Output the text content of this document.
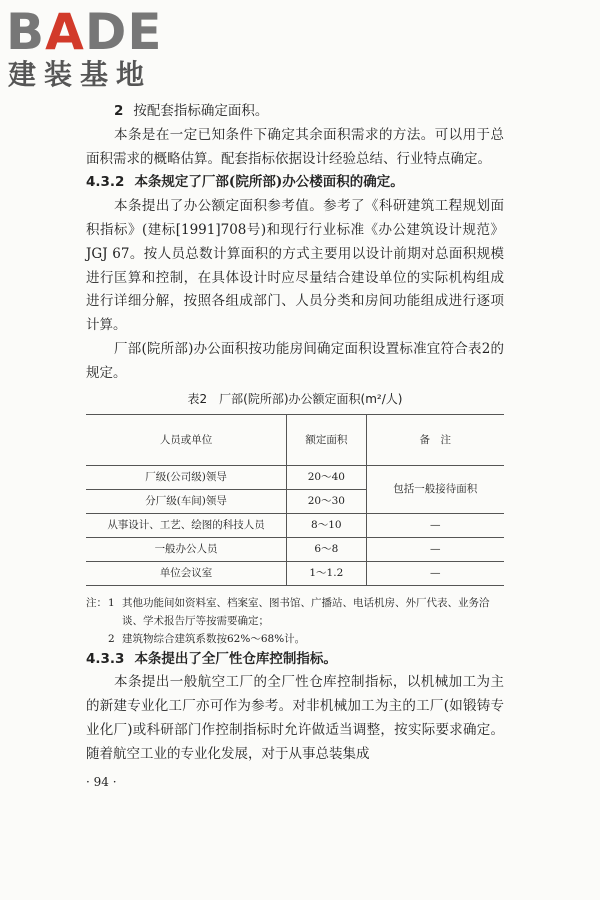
BADE
建装基地

2 按配套指标确定面积。

本条是在一定已知条件下确定其余面积需求的方法。可以用于总面积需求的概略估算。配套指标依据设计经验总结、行业特点确定。

4.3.2 本条规定了厂部(院所部)办公楼面积的确定。

本条提出了办公额定面积参考值。参考了《科研建筑工程规划面积指标》(建标[1991]708号)和现行行业标准《办公建筑设计规范》JGJ 67。按人员总数计算面积的方式主要用以设计前期对总面积规模进行匡算和控制，在具体设计时应尽量结合建设单位的实际机构组成进行详细分解，按照各组成部门、人员分类和房间功能组成进行逐项计算。

厂部(院所部)办公面积按功能房间确定面积设置标准宜符合表2的规定。

表2　厂部(院所部)办公额定面积(m²/人)
人员或单位	额定面积	备　注
厂级(公司级)领导	20～40	包括一般接待面积
分厂级(车间)领导	20～30	
从事设计、工艺、绘图的科技人员	8～10	—
一般办公人员	6～8	—
单位会议室	1～1.2	—
注： 1 其他功能间如资料室、档案室、图书馆、广播站、电话机房、外厂代表、业务洽谈、学术报告厅等按需要确定；
2 建筑物综合建筑系数按62%～68%计。

4.3.3 本条提出了全厂性仓库控制指标。

本条提出一般航空工厂的全厂性仓库控制指标，以机械加工为主的新建专业化工厂亦可作为参考。对非机械加工为主的工厂(如锻铸专业化厂)或科研部门作控制指标时允许做适当调整，按实际要求确定。随着航空工业的专业化发展，对于从事总装集成

· 94 ·
